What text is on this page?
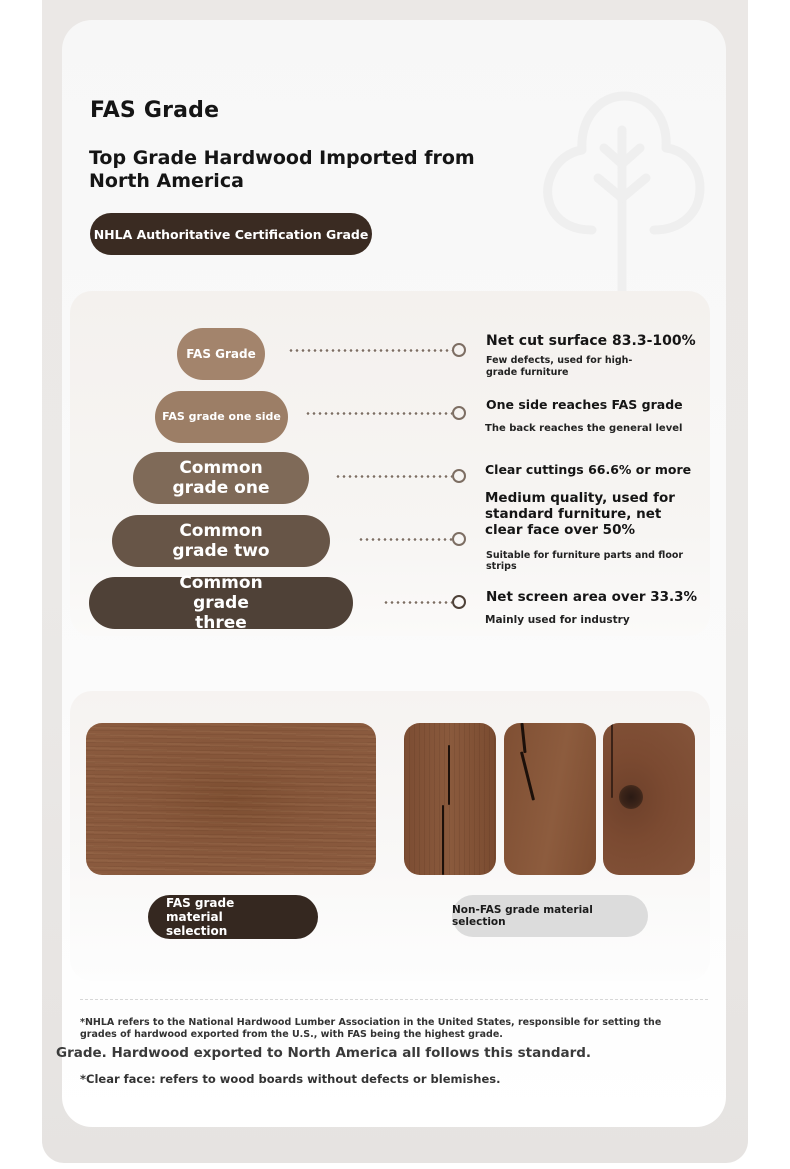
FAS Grade
Top Grade Hardwood Imported from North America
NHLA Authoritative Certification Grade
FAS Grade
Net cut surface 83.3-100%
Few defects, used for high-grade furniture
FAS grade one side
One side reaches FAS grade
The back reaches the general level
Common grade one
Clear cuttings 66.6% or more
Common grade two
Medium quality, used for standard furniture, net clear face over 50%
Suitable for furniture parts and floor strips
Common grade three
Net screen area over 33.3%
Mainly used for industry
FAS grade material selection
Non-FAS grade material selection
*NHLA refers to the National Hardwood Lumber Association in the United States, responsible for setting the grades of hardwood exported from the U.S., with FAS being the highest grade.
*Clear face: refers to wood boards without defects or blemishes.
Grade. Hardwood exported to North America all follows this standard.
